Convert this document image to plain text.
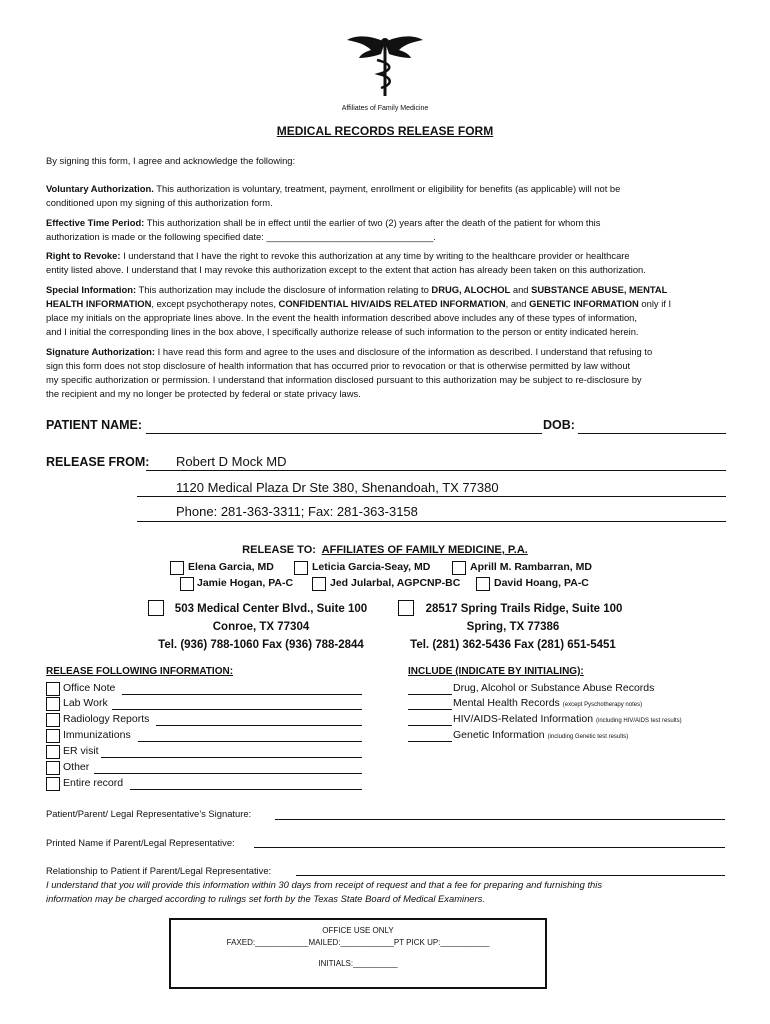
Affiliates of Family Medicine
MEDICAL RECORDS RELEASE FORM
By signing this form, I agree and acknowledge the following:
Voluntary Authorization. This authorization is voluntary, treatment, payment, enrollment or eligibility for benefits (as applicable) will not be
conditioned upon my signing of this authorization form.
Effective Time Period: This authorization shall be in effect until the earlier of two (2) years after the death of the patient for whom this
authorization is made or the following specified date: ________________________________.
Right to Revoke: I understand that I have the right to revoke this authorization at any time by writing to the healthcare provider or healthcare
entity listed above. I understand that I may revoke this authorization except to the extent that action has already been taken on this authorization.
Special Information: This authorization may include the disclosure of information relating to DRUG, ALOCHOL and SUBSTANCE ABUSE, MENTAL
HEALTH INFORMATION, except psychotherapy notes, CONFIDENTIAL HIV/AIDS RELATED INFORMATION, and GENETIC INFORMATION only if I
place my initials on the appropriate lines above. In the event the health information described above includes any of these types of information,
and I initial the corresponding lines in the box above, I specifically authorize release of such information to the person or entity indicated herein.
Signature Authorization: I have read this form and agree to the uses and disclosure of the information as described. I understand that refusing to
sign this form does not stop disclosure of health information that has occurred prior to revocation or that is otherwise permitted by law without
my specific authorization or permission. I understand that information disclosed pursuant to this authorization may be subject to re-disclosure by
the recipient and my no longer be protected by federal or state privacy laws.
PATIENT NAME:	DOB:
RELEASE FROM: Robert D Mock MD
1120 Medical Plaza Dr Ste 380, Shenandoah, TX 77380
Phone: 281-363-3311; Fax: 281-363-3158
RELEASE TO: AFFILIATES OF FAMILY MEDICINE, P.A.
Elena Garcia, MD	Leticia Garcia-Seay, MD	Aprill M. Rambarran, MD
Jamie Hogan, PA-C	Jed Jularbal, AGPCNP-BC	David Hoang, PA-C
503 Medical Center Blvd., Suite 100
Conroe, TX 77304
Tel. (936) 788-1060 Fax (936) 788-2844
28517 Spring Trails Ridge, Suite 100
Spring, TX 77386
Tel. (281) 362-5436 Fax (281) 651-5451
RELEASE FOLLOWING INFORMATION:
Office Note
Lab Work
Radiology Reports
Immunizations
ER visit
Other
Entire record
INCLUDE (INDICATE BY INITIALING):
Drug, Alcohol or Substance Abuse Records
Mental Health Records (except Pyschotherapy notes)
HIV/AIDS-Related Information (including HIV/AIDS test results)
Genetic Information (including Genetic test results)
Patient/Parent/ Legal Representative’s Signature:
Printed Name if Parent/Legal Representative:
Relationship to Patient if Parent/Legal Representative:
I understand that you will provide this information within 30 days from receipt of request and that a fee for preparing and furnishing this
information may be charged according to rulings set forth by the Texas State Board of Medical Examiners.
OFFICE USE ONLY
FAXED:____________MAILED:____________PT PICK UP:___________
INITIALS:__________
